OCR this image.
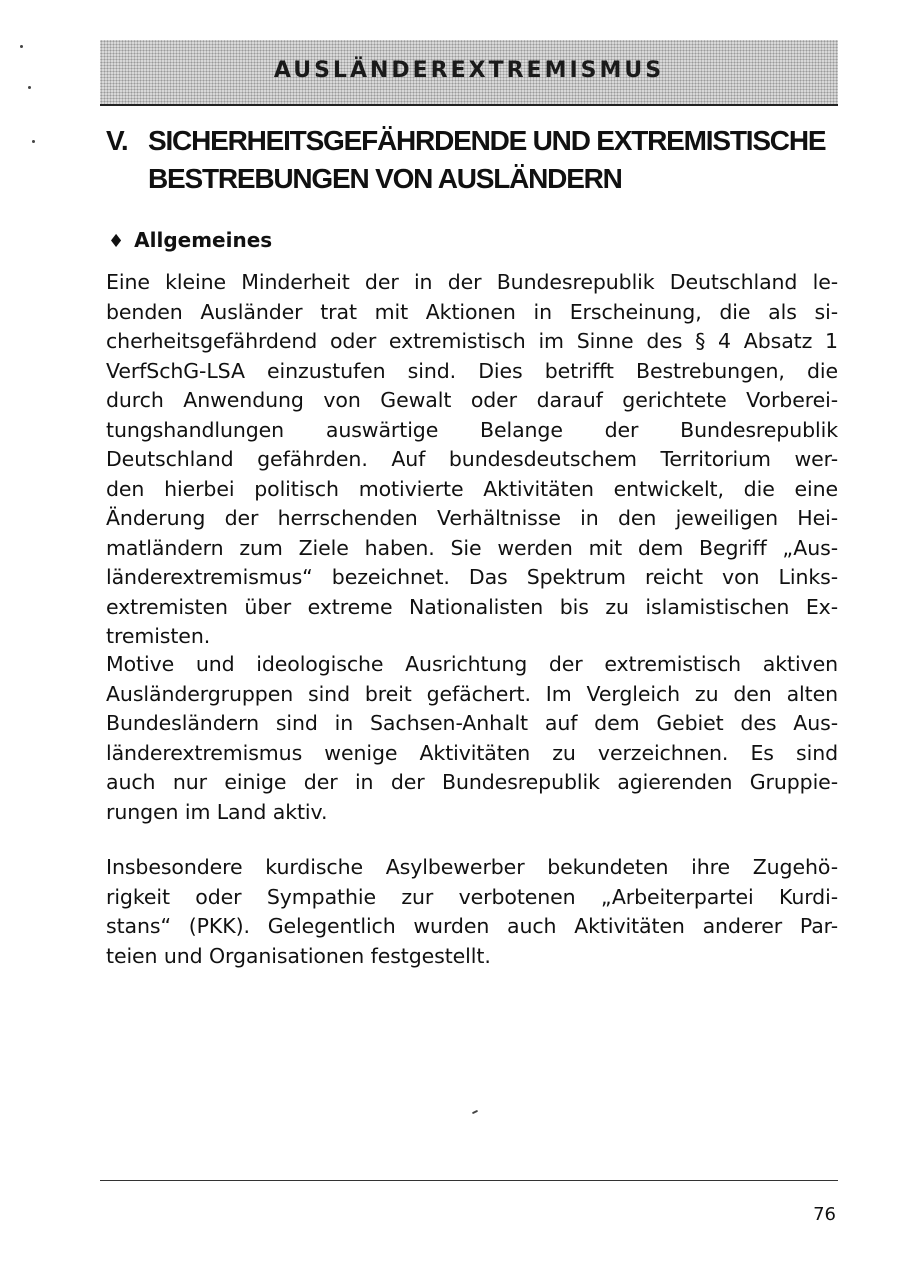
AUSLÄNDEREXTREMISMUS
V. SICHERHEITSGEFÄHRDENDE UND EXTREMISTISCHE
BESTREBUNGEN VON AUSLÄNDERN
♦ Allgemeines
Eine kleine Minderheit der in der Bundesrepublik Deutschland le-
benden Ausländer trat mit Aktionen in Erscheinung, die als si-
cherheitsgefährdend oder extremistisch im Sinne des § 4 Absatz 1
VerfSchG-LSA einzustufen sind. Dies betrifft Bestrebungen, die
durch Anwendung von Gewalt oder darauf gerichtete Vorberei-
tungshandlungen auswärtige Belange der Bundesrepublik
Deutschland gefährden. Auf bundesdeutschem Territorium wer-
den hierbei politisch motivierte Aktivitäten entwickelt, die eine
Änderung der herrschenden Verhältnisse in den jeweiligen Hei-
matländern zum Ziele haben. Sie werden mit dem Begriff „Aus-
länderextremismus“ bezeichnet. Das Spektrum reicht von Links-
extremisten über extreme Nationalisten bis zu islamistischen Ex-
tremisten.
Motive und ideologische Ausrichtung der extremistisch aktiven
Ausländergruppen sind breit gefächert. Im Vergleich zu den alten
Bundesländern sind in Sachsen-Anhalt auf dem Gebiet des Aus-
länderextremismus wenige Aktivitäten zu verzeichnen. Es sind
auch nur einige der in der Bundesrepublik agierenden Gruppie-
rungen im Land aktiv.
Insbesondere kurdische Asylbewerber bekundeten ihre Zugehö-
rigkeit oder Sympathie zur verbotenen „Arbeiterpartei Kurdi-
stans“ (PKK). Gelegentlich wurden auch Aktivitäten anderer Par-
teien und Organisationen festgestellt.
76
